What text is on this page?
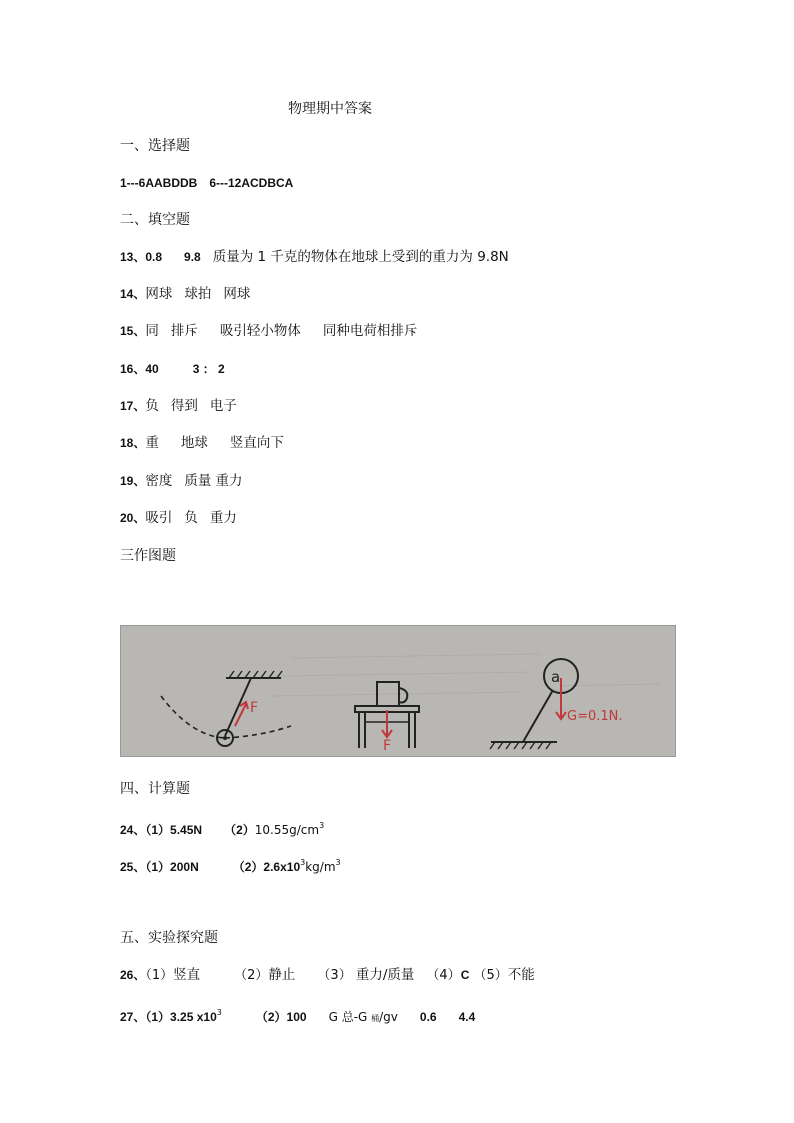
物理期中答案
一、选择题
1---6AABDDB 6---12ACDBCA
二、填空题
13、0.8 9.8 质量为 1 千克的物体在地球上受到的重力为 9.8N
14、网球 球拍 网球
15、同 排斥 吸引轻小物体 同种电荷相排斥
16、40	3 ： 2
17、负 得到 电子
18、重 地球 竖直向下
19、密度 质量 重力
20、吸引 负 重力
三作图题
F
F
a
G=0.1N.
四、计算题
24、（1）5.45N $(2)10.55g/cm^3$
25、（1）200N	$(2)2.6x10^3kg/m^3$
五、实验探究题
26、（1）竖直	（2）静止 （3） 重力/质量 （4）C （5）不能
27、（1）3.25 $x10^3$	（2）100 G 总-G 桶/gv 0.6 4.4
